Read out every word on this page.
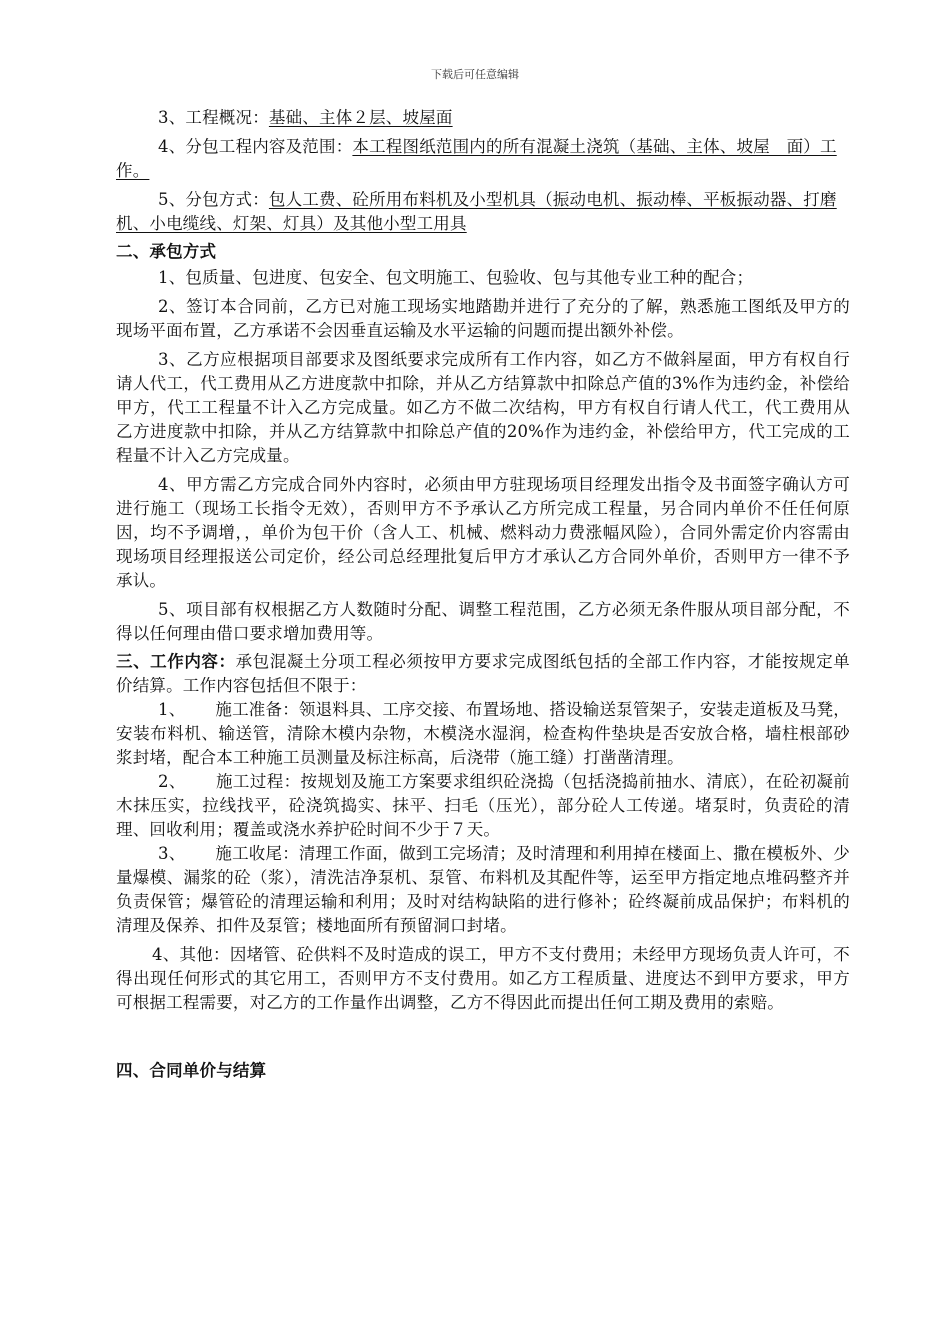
下载后可任意编辑

3、工程概况：基础、主体２层、坡屋面

4、分包工程内容及范围：本工程图纸范围内的所有混凝土浇筑（基础、主体、坡屋　面）工作。

5、分包方式：包人工费、砼所用布料机及小型机具（振动电机、振动棒、平板振动器、打磨机、小电缆线、灯架、灯具）及其他小型工用具

二、承包方式

1、包质量、包进度、包安全、包文明施工、包验收、包与其他专业工种的配合；

2、签订本合同前，乙方已对施工现场实地踏勘并进行了充分的了解，熟悉施工图纸及甲方的现场平面布置，乙方承诺不会因垂直运输及水平运输的问题而提出额外补偿。

3、乙方应根据项目部要求及图纸要求完成所有工作内容，如乙方不做斜屋面，甲方有权自行请人代工，代工费用从乙方进度款中扣除，并从乙方结算款中扣除总产值的3%作为违约金，补偿给甲方，代工工程量不计入乙方完成量。如乙方不做二次结构，甲方有权自行请人代工，代工费用从乙方进度款中扣除，并从乙方结算款中扣除总产值的20%作为违约金，补偿给甲方，代工完成的工程量不计入乙方完成量。

4、甲方需乙方完成合同外内容时，必须由甲方驻现场项目经理发出指令及书面签字确认方可进行施工（现场工长指令无效），否则甲方不予承认乙方所完成工程量，另合同内单价不任任何原因，均不予调增，，单价为包干价（含人工、机械、燃料动力费涨幅风险），合同外需定价内容需由现场项目经理报送公司定价，经公司总经理批复后甲方才承认乙方合同外单价，否则甲方一律不予承认。

5、项目部有权根据乙方人数随时分配、调整工程范围，乙方必须无条件服从项目部分配，不得以任何理由借口要求增加费用等。

三、工作内容：承包混凝土分项工程必须按甲方要求完成图纸包括的全部工作内容，才能按规定单价结算。工作内容包括但不限于：

1、 施工准备：领退料具、工序交接、布置场地、搭设输送泵管架子，安装走道板及马凳，安装布料机、输送管，清除木模内杂物，木模浇水湿润，检查构件垫块是否安放合格，墙柱根部砂浆封堵，配合本工种施工员测量及标注标高，后浇带（施工缝）打凿凿清理。

2、 施工过程：按规划及施工方案要求组织砼浇捣（包括浇捣前抽水、清底），在砼初凝前木抹压实，拉线找平，砼浇筑捣实、抹平、扫毛（压光），部分砼人工传递。堵泵时，负责砼的清理、回收利用；覆盖或浇水养护砼时间不少于７天。

3、 施工收尾：清理工作面，做到工完场清；及时清理和利用掉在楼面上、撒在模板外、少量爆模、漏浆的砼（浆），清洗洁净泵机、泵管、布料机及其配件等，运至甲方指定地点堆码整齐并负责保管；爆管砼的清理运输和利用；及时对结构缺陷的进行修补；砼终凝前成品保护；布料机的清理及保养、扣件及泵管；楼地面所有预留洞口封堵。

4、其他：因堵管、砼供料不及时造成的误工，甲方不支付费用；未经甲方现场负责人许可，不得出现任何形式的其它用工，否则甲方不支付费用。如乙方工程质量、进度达不到甲方要求，甲方可根据工程需要，对乙方的工作量作出调整，乙方不得因此而提出任何工期及费用的索赔。

四、合同单价与结算
